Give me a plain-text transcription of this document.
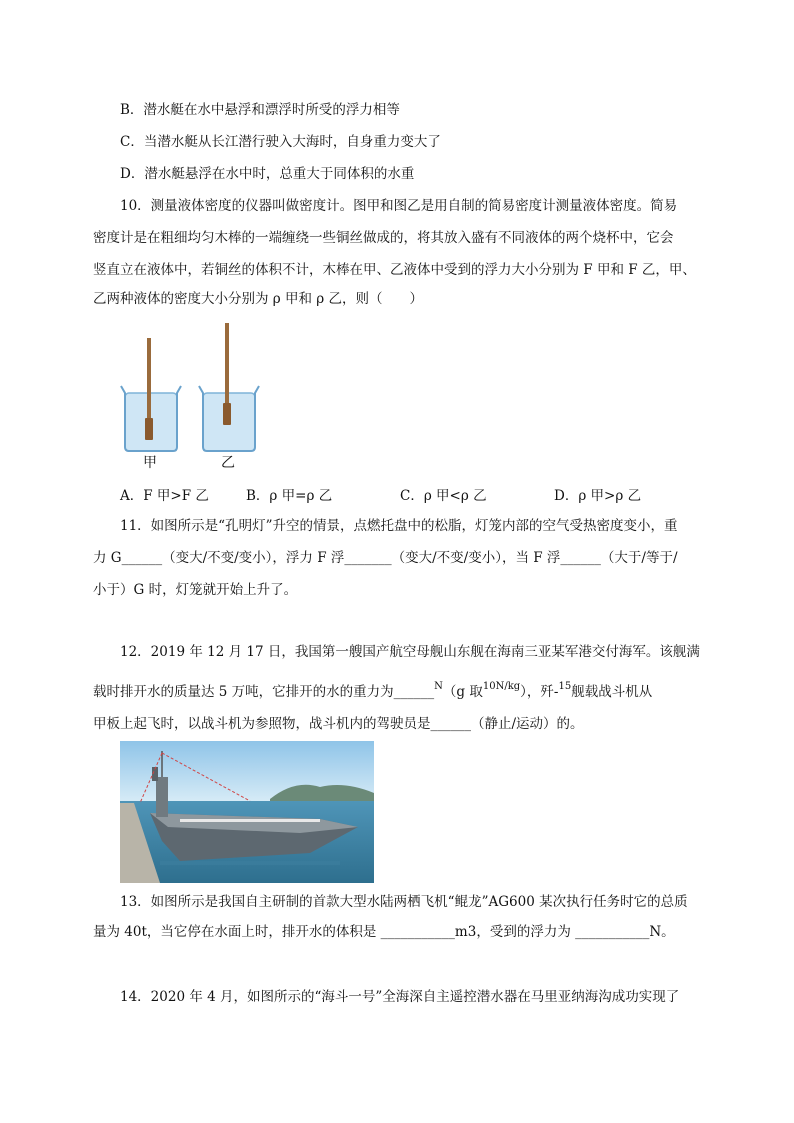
B．潜水艇在水中悬浮和漂浮时所受的浮力相等
C．当潜水艇从长江潜行驶入大海时，自身重力变大了
D．潜水艇悬浮在水中时，总重大于同体积的水重
10．测量液体密度的仪器叫做密度计。图甲和图乙是用自制的简易密度计测量液体密度。简易
密度计是在粗细均匀木棒的一端缠绕一些铜丝做成的，将其放入盛有不同液体的两个烧杯中，它会
竖直立在液体中，若铜丝的体积不计，木棒在甲、乙液体中受到的浮力大小分别为 F 甲和 F 乙，甲、
乙两种液体的密度大小分别为 ρ 甲和 ρ 乙，则（　　）
甲	乙
A．F 甲>F 乙	B．ρ 甲=ρ 乙	C．ρ 甲<ρ 乙	D．ρ 甲>ρ 乙
11．如图所示是“孔明灯”升空的情景，点燃托盘中的松脂，灯笼内部的空气受热密度变小，重
力 G______（变大/不变/变小），浮力 F 浮_______（变大/不变/变小），当 F 浮______（大于/等于/
小于）G 时，灯笼就开始上升了。
12．2019 年 12 月 17 日，我国第一艘国产航空母舰山东舰在海南三亚某军港交付海军。该舰满
载时排开水的质量达 5 万吨，它排开的水的重力为______$^N$（g 取$^{10N/kg}$），歼-$^{15}$舰载战斗机从
甲板上起飞时，以战斗机为参照物，战斗机内的驾驶员是______（静止/运动）的。
13．如图所示是我国自主研制的首款大型水陆两栖飞机“鲲龙”AG600 某次执行任务时它的总质
量为 40t，当它停在水面上时，排开水的体积是 ___________m3，受到的浮力为 ___________N。
14．2020 年 4 月，如图所示的“海斗一号”全海深自主遥控潜水器在马里亚纳海沟成功实现了
